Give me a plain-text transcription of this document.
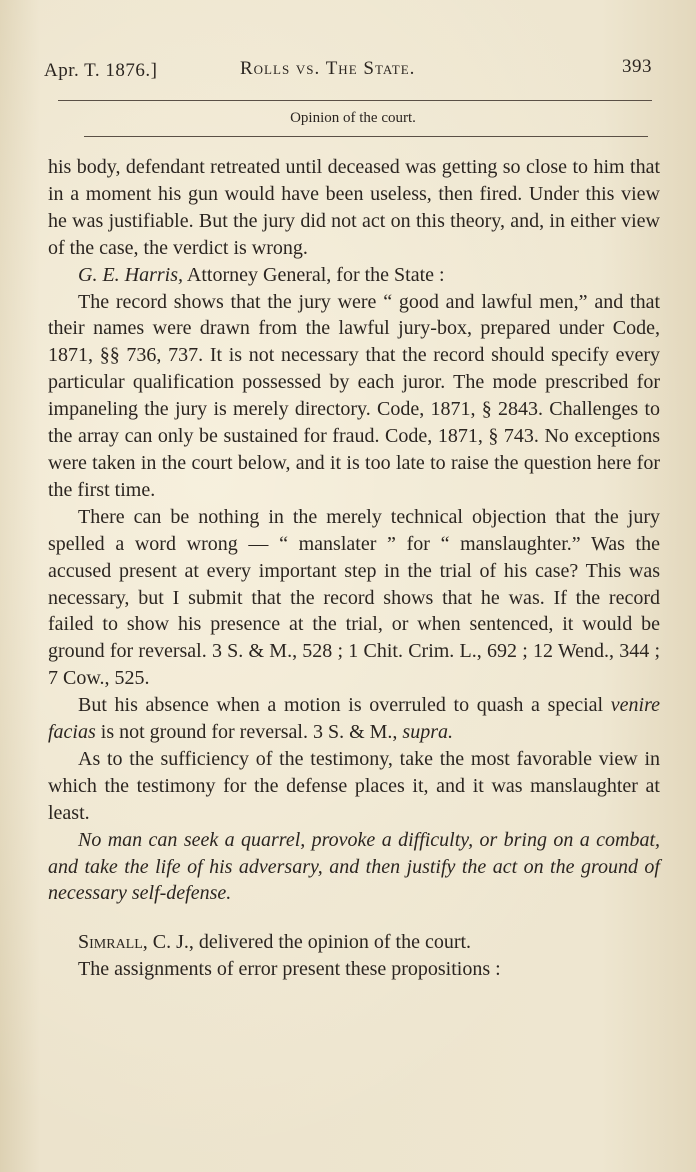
Apr. T. 1876.]	Rolls vs. The State.	393
Opinion of the court.

his body, defendant retreated until deceased was getting so close to him that in a moment his gun would have been useless, then fired. Under this view he was justifiable. But the jury did not act on this theory, and, in either view of the case, the verdict is wrong.

G. E. Harris, Attorney General, for the State :

The record shows that the jury were “ good and lawful men,” and that their names were drawn from the lawful jury-box, prepared under Code, 1871, §§ 736, 737. It is not necessary that the record should specify every particular qualification possessed by each juror. The mode prescribed for impaneling the jury is merely directory. Code, 1871, § 2843. Challenges to the array can only be sustained for fraud. Code, 1871, § 743. No exceptions were taken in the court below, and it is too late to raise the question here for the first time.

There can be nothing in the merely technical objection that the jury spelled a word wrong — “ manslater ” for “ manslaughter.” Was the accused present at every important step in the trial of his case? This was necessary, but I submit that the record shows that he was. If the record failed to show his presence at the trial, or when sentenced, it would be ground for reversal. 3 S. & M., 528 ; 1 Chit. Crim. L., 692 ; 12 Wend., 344 ; 7 Cow., 525.

But his absence when a motion is overruled to quash a special venire facias is not ground for reversal. 3 S. & M., supra.

As to the sufficiency of the testimony, take the most favorable view in which the testimony for the defense places it, and it was manslaughter at least.

No man can seek a quarrel, provoke a difficulty, or bring on a combat, and take the life of his adversary, and then justify the act on the ground of necessary self-defense.

Simrall, C. J., delivered the opinion of the court.

The assignments of error present these propositions :
